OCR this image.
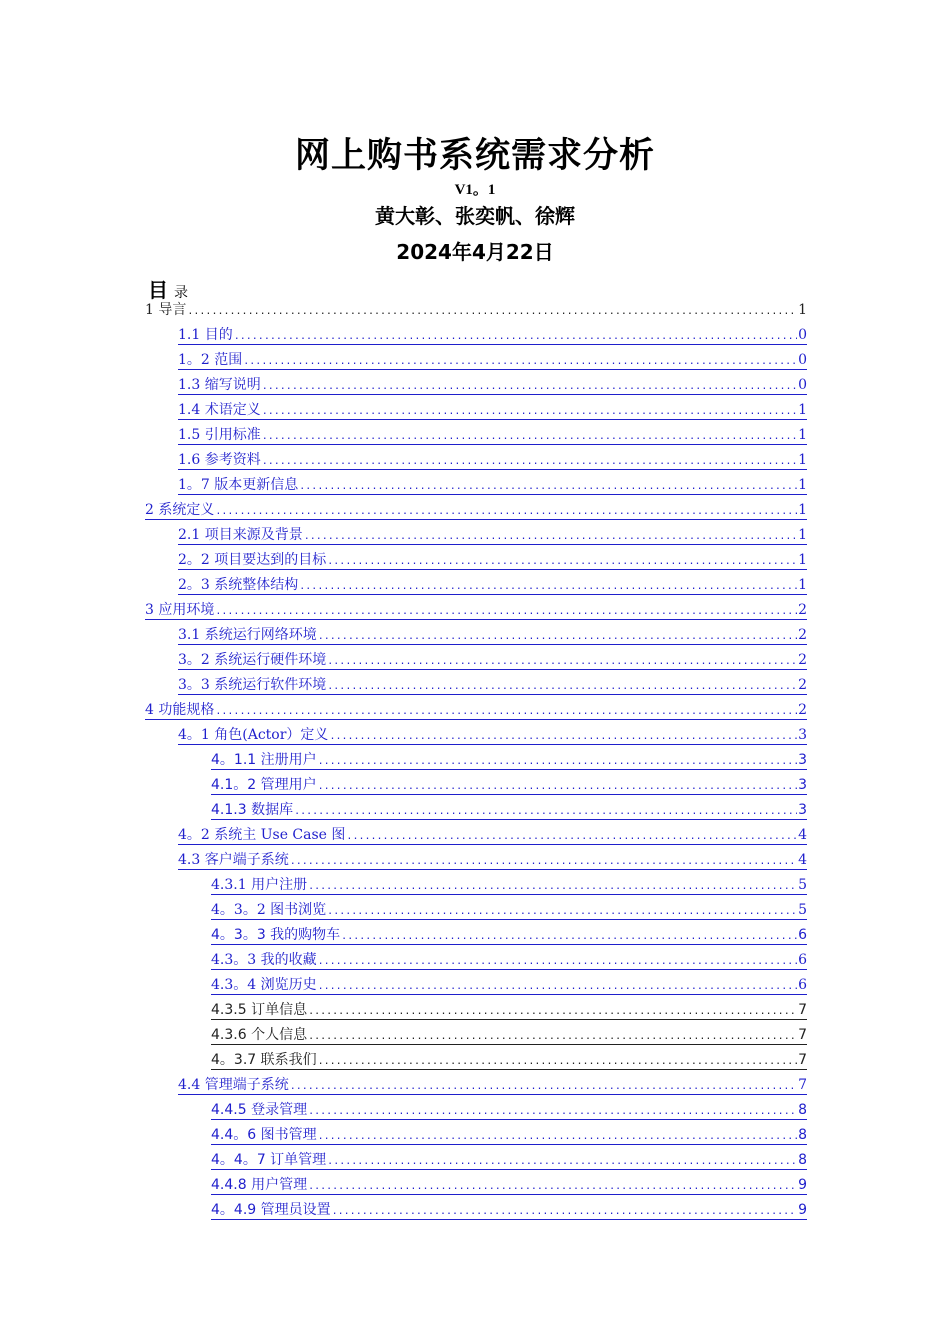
网上购书系统需求分析
V1。1
黄大彰、张奕帆、徐辉
2024年4月22日
目 录
1 导言 .....	1
1.1 目的 .....	0
1。2 范围 .....	0
1.3 缩写说明 .....	0
1.4 术语定义 .....	1
1.5 引用标准 .....	1
1.6 参考资料 .....	1
1。7 版本更新信息 .....	1
2 系统定义 .....	1
2.1 项目来源及背景 .....	1
2。2 项目要达到的目标 .....	1
2。3 系统整体结构 .....	1
3 应用环境 .....	2
3.1 系统运行网络环境 .....	2
3。2 系统运行硬件环境 .....	2
3。3 系统运行软件环境 .....	2
4 功能规格 .....	2
4。1 角色(Actor）定义 .....	3
4。1.1 注册用户 .....	3
4.1。2 管理用户 .....	3
4.1.3 数据库 .....	3
4。2 系统主 Use Case 图 .....	4
4.3 客户端子系统 .....	4
4.3.1 用户注册 .....	5
4。3。2 图书浏览 .....	5
4。3。3 我的购物车 .....	6
4.3。3 我的收藏 .....	6
4.3。4 浏览历史 .....	6
4.3.5 订单信息 .....	7
4.3.6 个人信息 .....	7
4。3.7 联系我们 .....	7
4.4 管理端子系统 .....	7
4.4.5 登录管理 .....	8
4.4。6 图书管理 .....	8
4。4。7 订单管理 .....	8
4.4.8 用户管理 .....	9
4。4.9 管理员设置 .....	9
